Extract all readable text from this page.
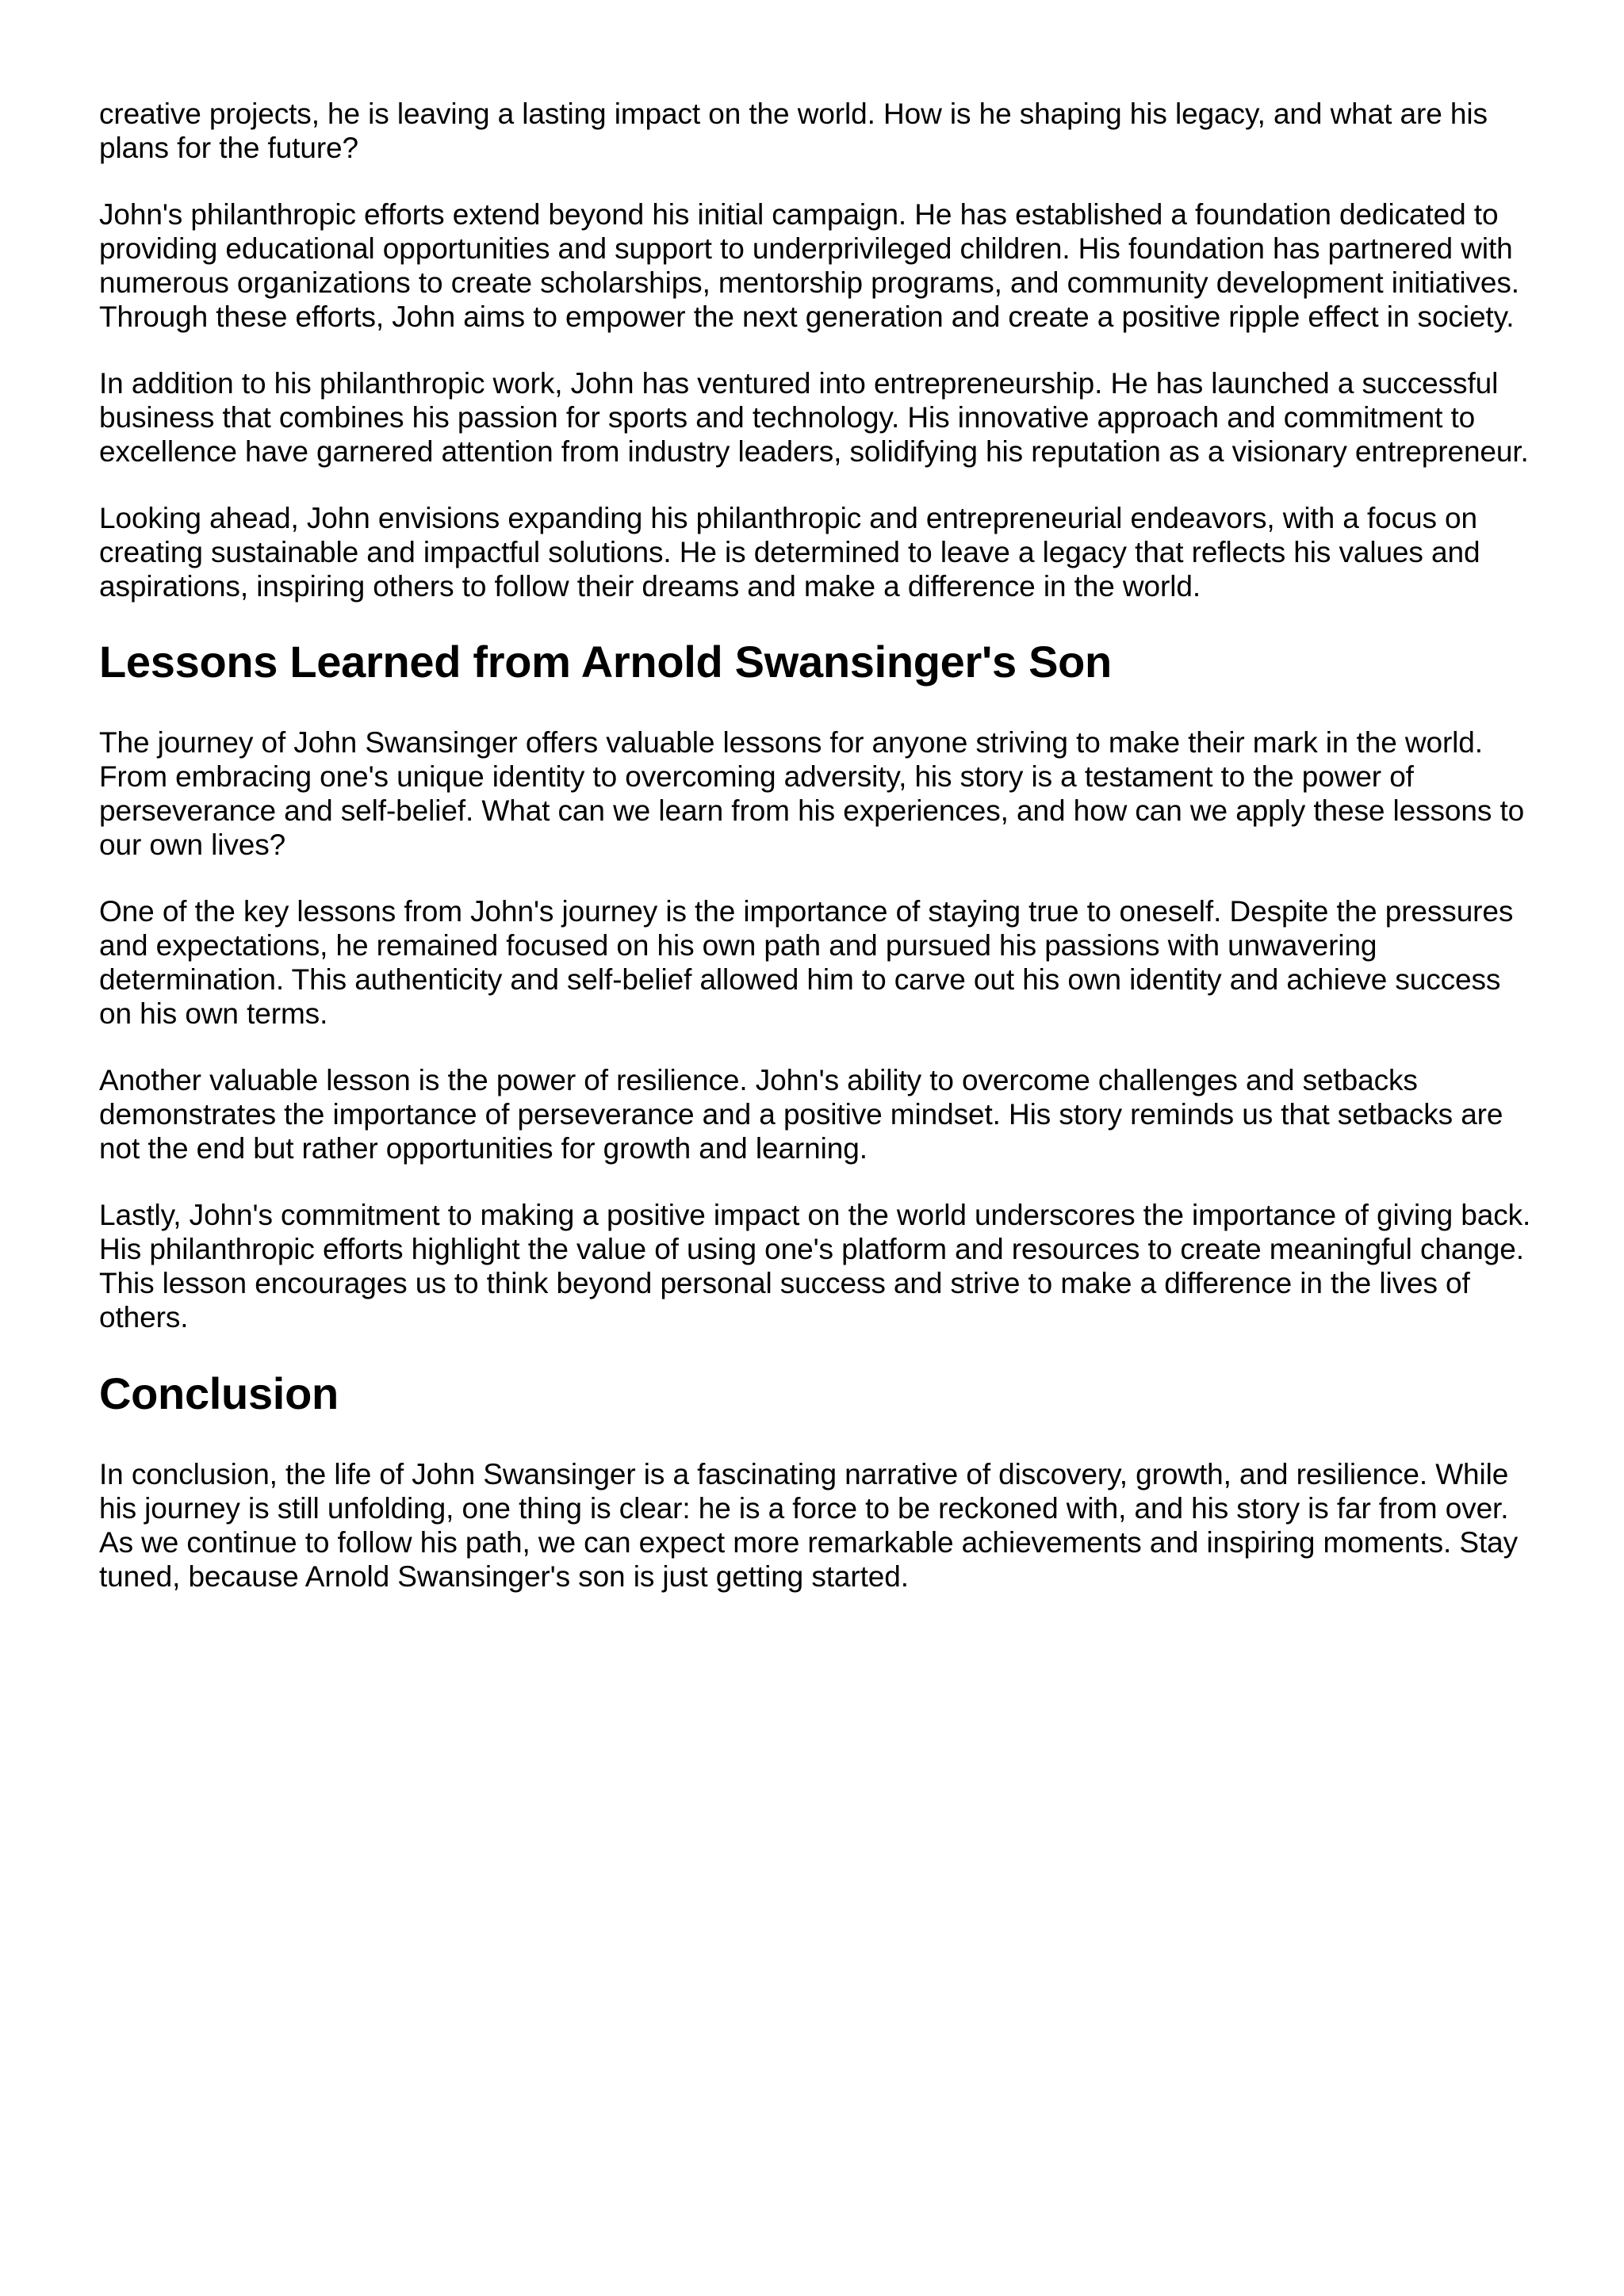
creative projects, he is leaving a lasting impact on the world. How is he shaping his legacy, and what are his plans for the future?

John's philanthropic efforts extend beyond his initial campaign. He has established a foundation dedicated to providing educational opportunities and support to underprivileged children. His foundation has partnered with numerous organizations to create scholarships, mentorship programs, and community development initiatives. Through these efforts, John aims to empower the next generation and create a positive ripple effect in society.

In addition to his philanthropic work, John has ventured into entrepreneurship. He has launched a successful business that combines his passion for sports and technology. His innovative approach and commitment to excellence have garnered attention from industry leaders, solidifying his reputation as a visionary entrepreneur.

Looking ahead, John envisions expanding his philanthropic and entrepreneurial endeavors, with a focus on creating sustainable and impactful solutions. He is determined to leave a legacy that reflects his values and aspirations, inspiring others to follow their dreams and make a difference in the world.

Lessons Learned from Arnold Swansinger's Son

The journey of John Swansinger offers valuable lessons for anyone striving to make their mark in the world. From embracing one's unique identity to overcoming adversity, his story is a testament to the power of perseverance and self-belief. What can we learn from his experiences, and how can we apply these lessons to our own lives?

One of the key lessons from John's journey is the importance of staying true to oneself. Despite the pressures and expectations, he remained focused on his own path and pursued his passions with unwavering determination. This authenticity and self-belief allowed him to carve out his own identity and achieve success on his own terms.

Another valuable lesson is the power of resilience. John's ability to overcome challenges and setbacks demonstrates the importance of perseverance and a positive mindset. His story reminds us that setbacks are not the end but rather opportunities for growth and learning.

Lastly, John's commitment to making a positive impact on the world underscores the importance of giving back. His philanthropic efforts highlight the value of using one's platform and resources to create meaningful change. This lesson encourages us to think beyond personal success and strive to make a difference in the lives of others.

Conclusion

In conclusion, the life of John Swansinger is a fascinating narrative of discovery, growth, and resilience. While his journey is still unfolding, one thing is clear: he is a force to be reckoned with, and his story is far from over. As we continue to follow his path, we can expect more remarkable achievements and inspiring moments. Stay tuned, because Arnold Swansinger's son is just getting started.
